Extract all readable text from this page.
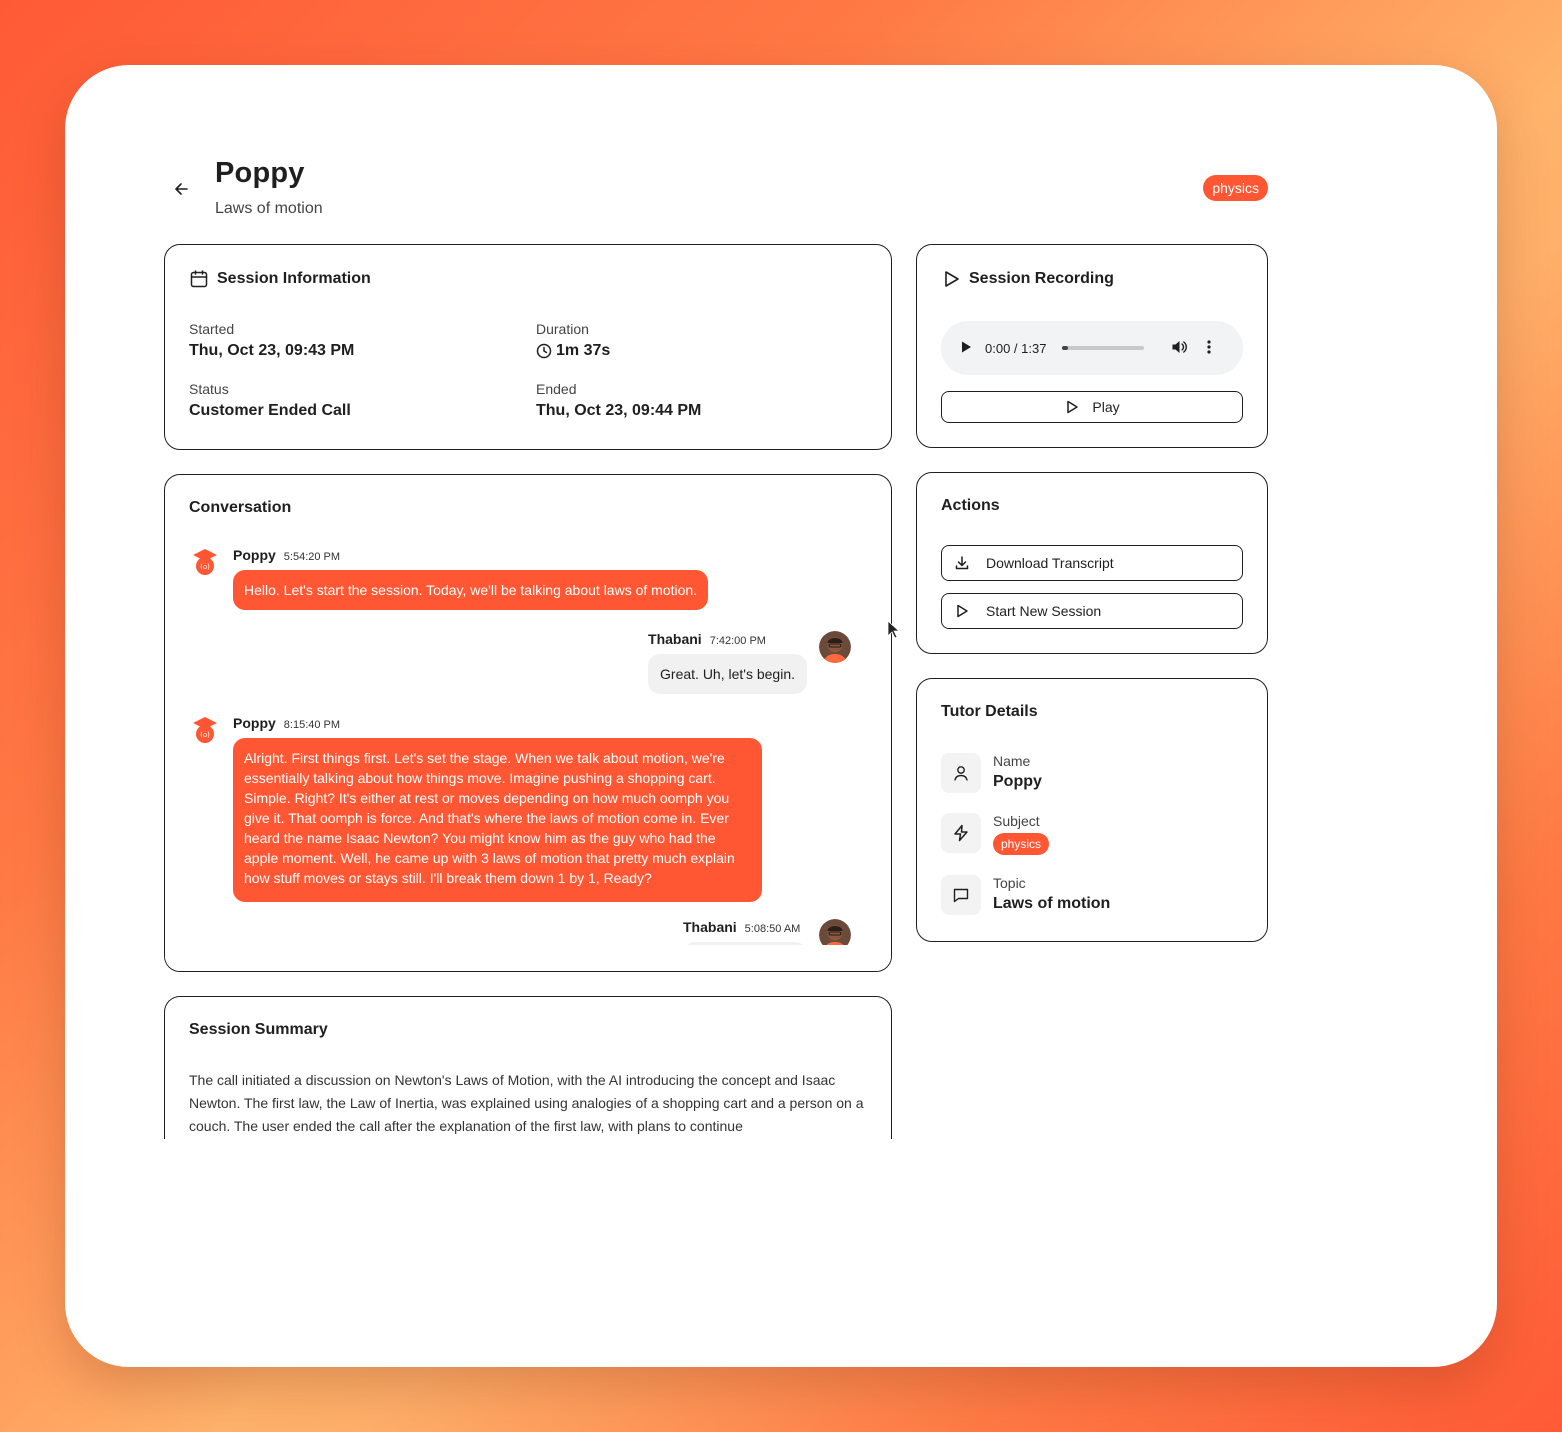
Poppy
Laws of motion
physics
Session Information
Started
Thu, Oct 23, 09:43 PM
Duration
1m 37s
Status
Customer Ended Call
Ended
Thu, Oct 23, 09:44 PM
Session Recording
0:00 / 1:37
Play
Conversation
(o)
Poppy 5:54:20 PM
Hello. Let's start the session. Today, we'll be talking about laws of motion.
Thabani 7:42:00 PM
Great. Uh, let's begin.
(o)
Poppy 8:15:40 PM
Alright. First things first. Let's set the stage. When we talk about motion, we're essentially talking about how things move. Imagine pushing a shopping cart. Simple. Right? It's either at rest or moves depending on how much oomph you give it. That oomph is force. And that's where the laws of motion come in. Ever heard the name Isaac Newton? You might know him as the guy who had the apple moment. Well, he came up with 3 laws of motion that pretty much explain how stuff moves or stays still. I'll break them down 1 by 1, Ready?
Thabani 5:08:50 AM
Session Summary
The call initiated a discussion on Newton's Laws of Motion, with the AI introducing the concept and Isaac Newton. The first law, the Law of Inertia, was explained using analogies of a shopping cart and a person on a couch. The user ended the call after the explanation of the first law, with plans to continue
Actions
Download Transcript
Start New Session
Tutor Details
Name
Poppy
Subject
physics
Topic
Laws of motion
